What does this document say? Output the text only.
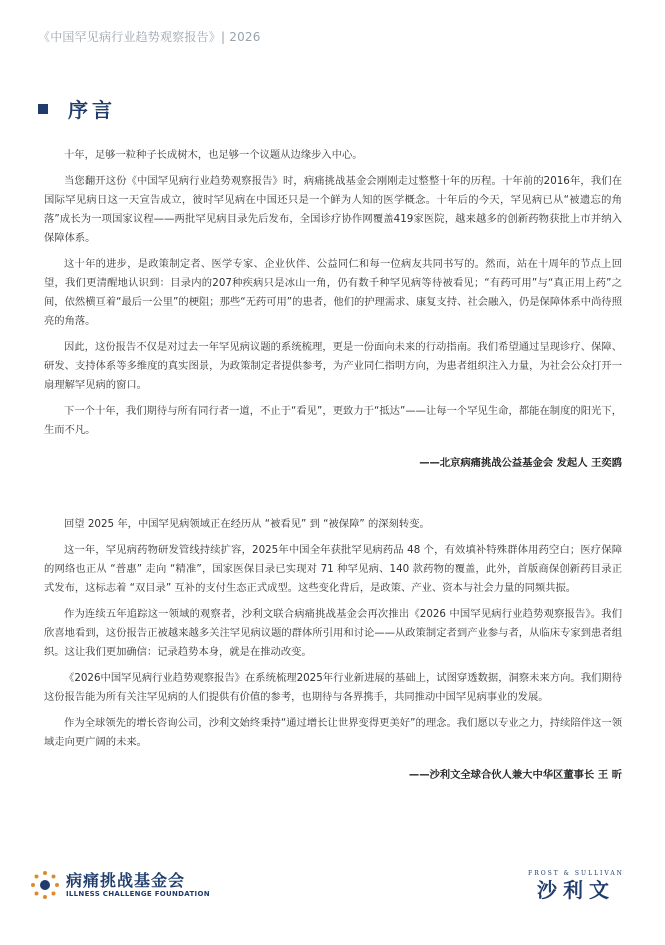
《中国罕见病行业趋势观察报告》| 2026
序言

十年，足够一粒种子长成树木，也足够一个议题从边缘步入中心。

当您翻开这份《中国罕见病行业趋势观察报告》时，病痛挑战基金会刚刚走过整整十年的历程。十年前的2016年，我们在国际罕见病日这一天宣告成立，彼时罕见病在中国还只是一个鲜为人知的医学概念。十年后的今天，罕见病已从“被遗忘的角落”成长为一项国家议程——两批罕见病目录先后发布，全国诊疗协作网覆盖419家医院，越来越多的创新药物获批上市并纳入保障体系。

这十年的进步，是政策制定者、医学专家、企业伙伴、公益同仁和每一位病友共同书写的。然而，站在十周年的节点上回望，我们更清醒地认识到：目录内的207种疾病只是冰山一角，仍有数千种罕见病等待被看见；“有药可用”与“真正用上药”之间，依然横亘着“最后一公里”的梗阻；那些“无药可用”的患者，他们的护理需求、康复支持、社会融入，仍是保障体系中尚待照亮的角落。

因此，这份报告不仅是对过去一年罕见病议题的系统梳理，更是一份面向未来的行动指南。我们希望通过呈现诊疗、保障、研发、支持体系等多维度的真实图景，为政策制定者提供参考，为产业同仁指明方向，为患者组织注入力量，为社会公众打开一扇理解罕见病的窗口。

下一个十年，我们期待与所有同行者一道，不止于“看见”，更致力于“抵达”——让每一个罕见生命，都能在制度的阳光下，生而不凡。

——北京病痛挑战公益基金会 发起人 王奕鸥

回望 2025 年，中国罕见病领域正在经历从 “被看见” 到 “被保障” 的深刻转变。

这一年，罕见病药物研发管线持续扩容，2025年中国全年获批罕见病药品 48 个，有效填补特殊群体用药空白；医疗保障的网络也正从 “普惠” 走向 “精准”，国家医保目录已实现对 71 种罕见病、140 款药物的覆盖，此外，首版商保创新药目录正式发布，这标志着 “双目录” 互补的支付生态正式成型。这些变化背后，是政策、产业、资本与社会力量的同频共振。

作为连续五年追踪这一领域的观察者，沙利文联合病痛挑战基金会再次推出《2026 中国罕见病行业趋势观察报告》。我们欣喜地看到，这份报告正被越来越多关注罕见病议题的群体所引用和讨论——从政策制定者到产业参与者，从临床专家到患者组织。这让我们更加确信：记录趋势本身，就是在推动改变。

《2026中国罕见病行业趋势观察报告》在系统梳理2025年行业新进展的基础上，试图穿透数据，洞察未来方向。我们期待这份报告能为所有关注罕见病的人们提供有价值的参考，也期待与各界携手，共同推动中国罕见病事业的发展。

作为全球领先的增长咨询公司，沙利文始终秉持“通过增长让世界变得更美好”的理念。我们愿以专业之力，持续陪伴这一领域走向更广阔的未来。

——沙利文全球合伙人兼大中华区董事长 王 昕
病痛挑战基金会
ILLNESS CHALLENGE FOUNDATION
FROST & SULLIVAN
沙利文
